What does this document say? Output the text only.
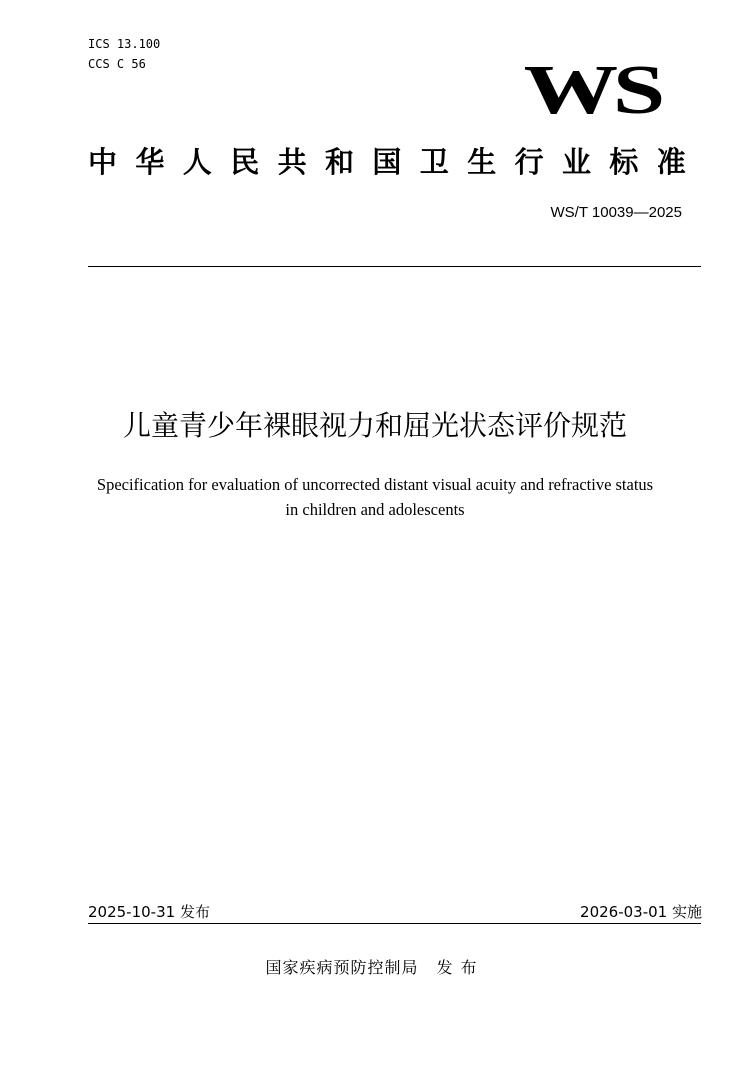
ICS 13.100
CCS C 56	WS
中华人民共和国卫生行业标准
WS/T 10039—2025
儿童青少年裸眼视力和屈光状态评价规范
Specification for evaluation of uncorrected distant visual acuity and refractive status
in children and adolescents
2025-10-31 发布	2026-03-01 实施
国家疾病预防控制局 发布
